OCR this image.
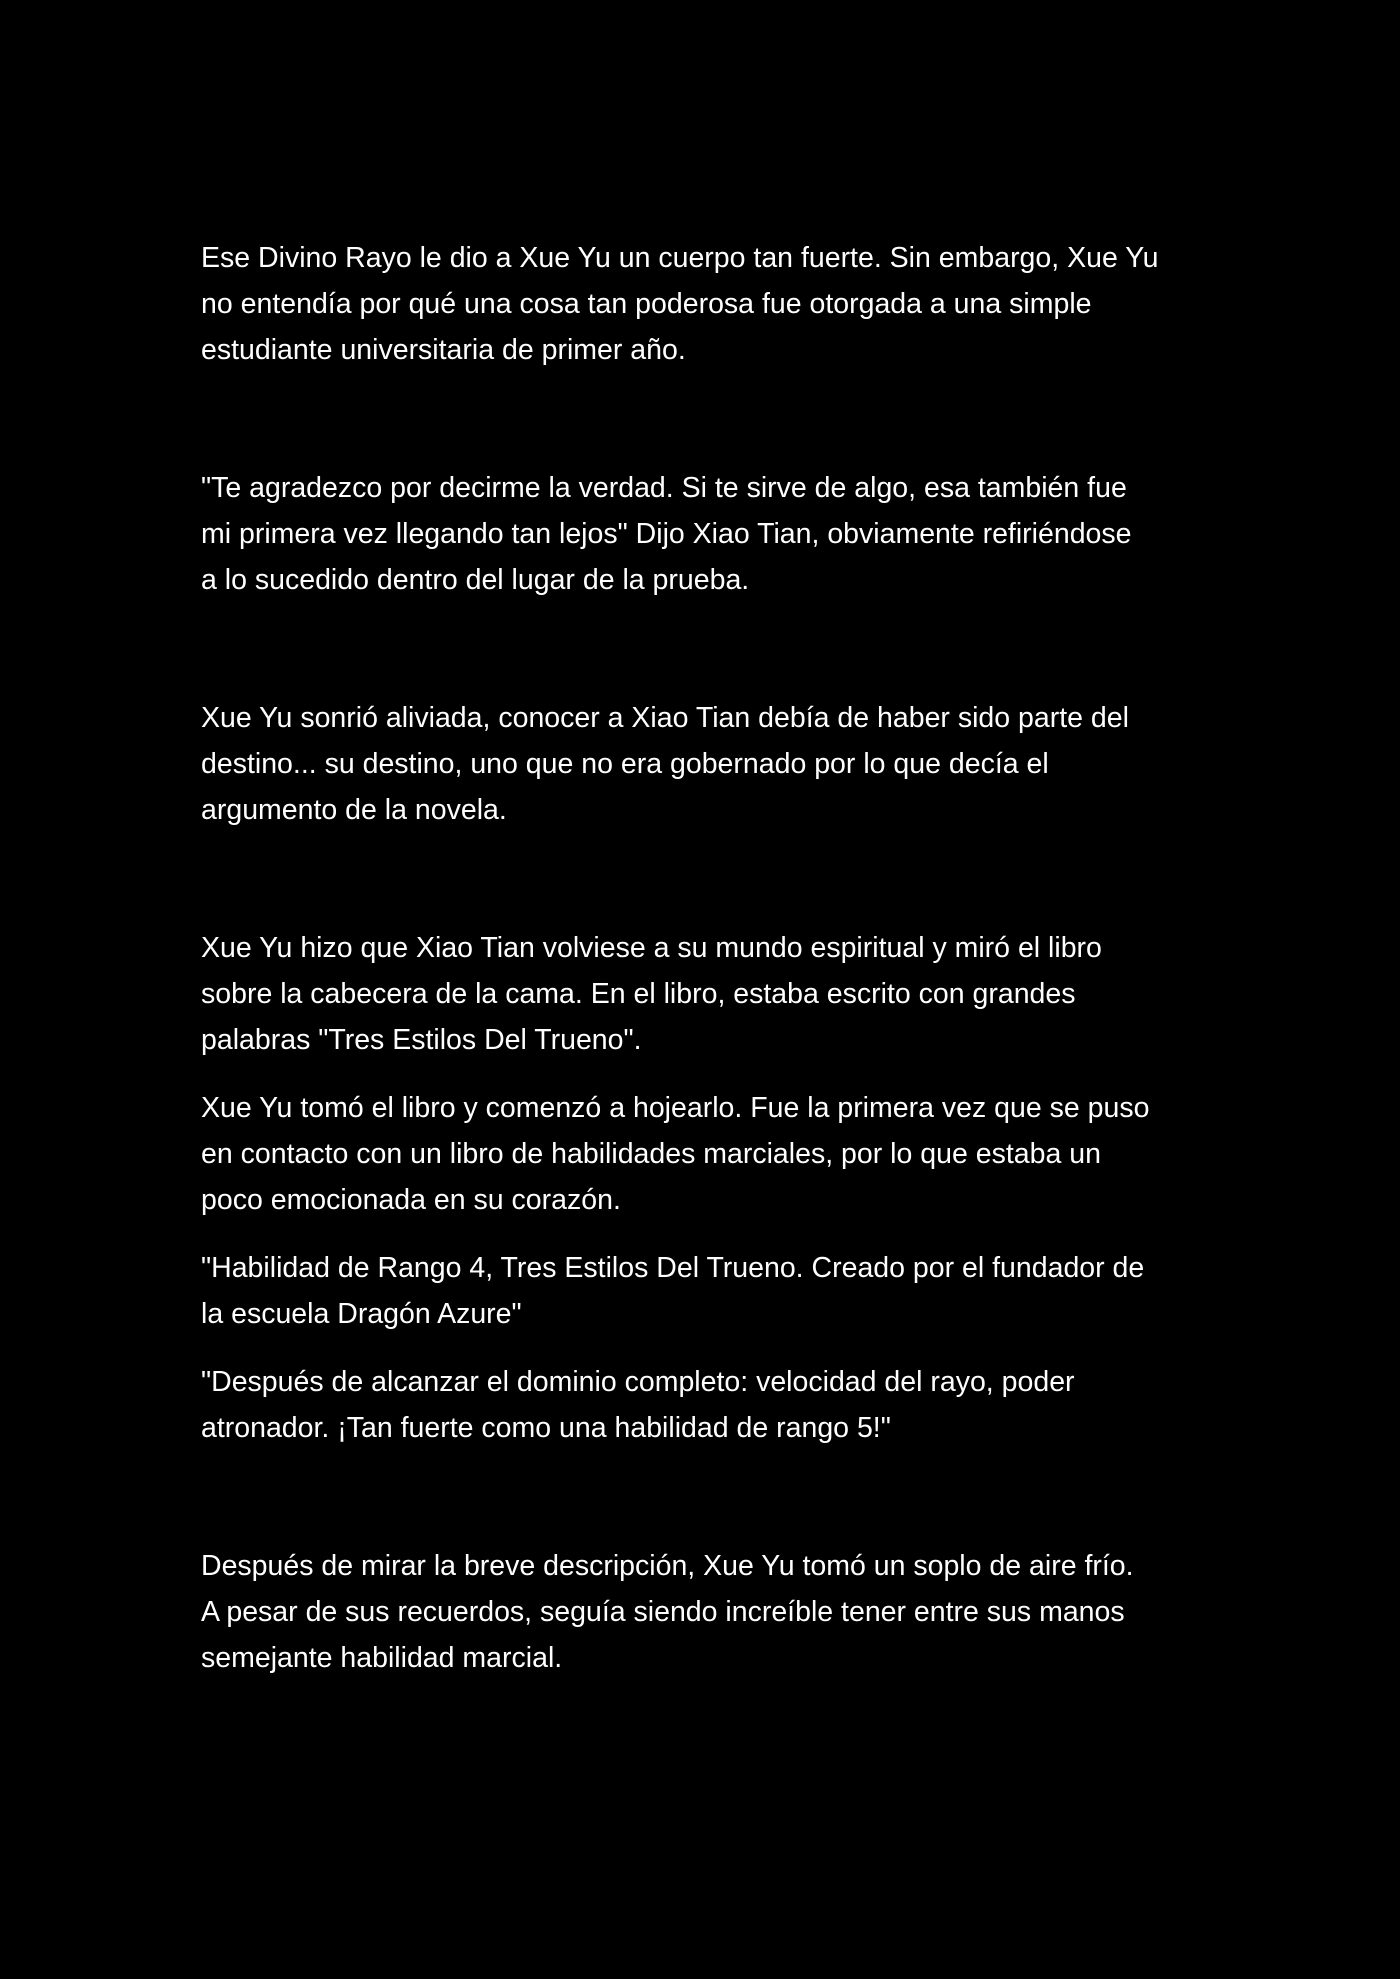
Ese Divino Rayo le dio a Xue Yu un cuerpo tan fuerte. Sin embargo, Xue Yu
no entendía por qué una cosa tan poderosa fue otorgada a una simple
estudiante universitaria de primer año.

"Te agradezco por decirme la verdad. Si te sirve de algo, esa también fue
mi primera vez llegando tan lejos" Dijo Xiao Tian, obviamente refiriéndose
a lo sucedido dentro del lugar de la prueba.

Xue Yu sonrió aliviada, conocer a Xiao Tian debía de haber sido parte del
destino... su destino, uno que no era gobernado por lo que decía el
argumento de la novela.

Xue Yu hizo que Xiao Tian volviese a su mundo espiritual y miró el libro
sobre la cabecera de la cama. En el libro, estaba escrito con grandes
palabras "Tres Estilos Del Trueno".

Xue Yu tomó el libro y comenzó a hojearlo. Fue la primera vez que se puso
en contacto con un libro de habilidades marciales, por lo que estaba un
poco emocionada en su corazón.

"Habilidad de Rango 4, Tres Estilos Del Trueno. Creado por el fundador de
la escuela Dragón Azure"

"Después de alcanzar el dominio completo: velocidad del rayo, poder
atronador. ¡Tan fuerte como una habilidad de rango 5!"

Después de mirar la breve descripción, Xue Yu tomó un soplo de aire frío.
A pesar de sus recuerdos, seguía siendo increíble tener entre sus manos
semejante habilidad marcial.
